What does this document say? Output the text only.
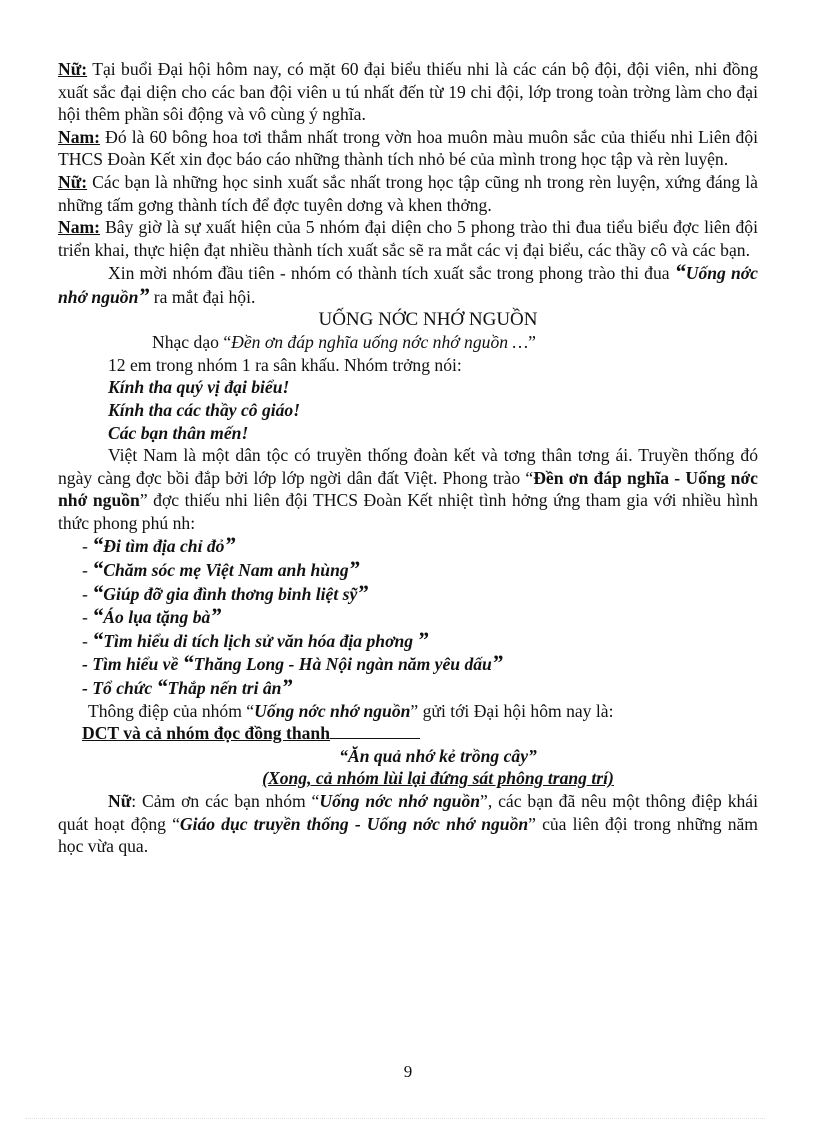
Nữ: Tại buổi Đại hội hôm nay, có mặt 60 đại biểu thiếu nhi là các cán bộ đội, đội viên, nhi đồng xuất sắc đại diện cho các ban đội viên u tú nhất đến từ 19 chi đội, lớp trong toàn trờng làm cho đại hội thêm phần sôi động và vô cùng ý nghĩa.

Nam: Đó là 60 bông hoa tơi thắm nhất trong vờn hoa muôn màu muôn sắc của thiếu nhi Liên đội THCS Đoàn Kết xin đọc báo cáo những thành tích nhỏ bé của mình trong học tập và rèn luyện.

Nữ: Các bạn là những học sinh xuất sắc nhất trong học tập cũng nh trong rèn luyện, xứng đáng là những tấm gơng thành tích để đợc tuyên dơng và khen thởng.

Nam: Bây giờ là sự xuất hiện của 5 nhóm đại diện cho 5 phong trào thi đua tiểu biểu đợc liên đội triển khai, thực hiện đạt nhiều thành tích xuất sắc sẽ ra mắt các vị đại biểu, các thầy cô và các bạn.

Xin mời nhóm đầu tiên - nhóm có thành tích xuất sắc trong phong trào thi đua “Uống nớc nhớ nguồn” ra mắt đại hội.

UỐNG NỚC NHỚ NGUỒN

Nhạc dạo “Đền ơn đáp nghĩa uống nớc nhớ nguồn …”

12 em trong nhóm 1 ra sân khấu. Nhóm trởng nói:

Kính tha quý vị đại biểu!

Kính tha các thầy cô giáo!

Các bạn thân mến!

Việt Nam là một dân tộc có truyền thống đoàn kết và tơng thân tơng ái. Truyền thống đó ngày càng đợc bồi đắp bởi lớp lớp ngời dân đất Việt. Phong trào “Đền ơn đáp nghĩa - Uống nớc nhớ nguồn” đợc thiếu nhi liên đội THCS Đoàn Kết nhiệt tình hởng ứng tham gia với nhiều hình thức phong phú nh:

- “Đi tìm địa chỉ đỏ”

- “Chăm sóc mẹ Việt Nam anh hùng”

- “Giúp đỡ gia đình thơng binh liệt sỹ”

- “Áo lụa tặng bà”

- “Tìm hiểu di tích lịch sử văn hóa địa phơng ”

- Tìm hiểu về “Thăng Long - Hà Nội ngàn năm yêu dấu”

- Tổ chức “Thắp nến tri ân”

Thông điệp của nhóm “Uống nớc nhớ nguồn” gửi tới Đại hội hôm nay là:

DCT và cả nhóm đọc đồng thanh

“Ăn quả nhớ kẻ trồng cây”

(Xong, cả nhóm lùi lại đứng sát phông trang trí)

Nữ: Cảm ơn các bạn nhóm “Uống nớc nhớ nguồn”, các bạn đã nêu một thông điệp khái quát hoạt động “Giáo dục truyền thống - Uống nớc nhớ nguồn” của liên đội trong những năm học vừa qua.

9
